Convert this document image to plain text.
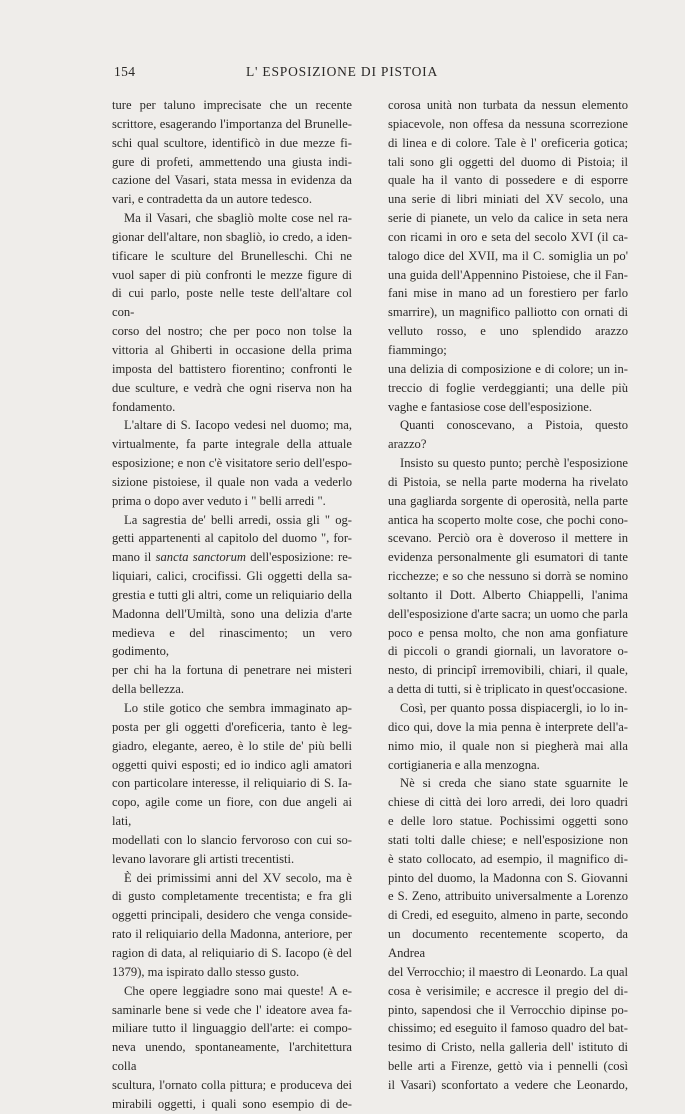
154	L' ESPOSIZIONE DI PISTOIA

ture per taluno imprecisate che un recente

scrittore, esagerando l'importanza del Brunelle-

schi qual scultore, identificò in due mezze fi-

gure di profeti, ammettendo una giusta indi-

cazione del Vasari, stata messa in evidenza da

vari, e contradetta da un autore tedesco.

Ma il Vasari, che sbagliò molte cose nel ra-

gionar dell'altare, non sbagliò, io credo, a iden-

tificare le sculture del Brunelleschi. Chi ne

vuol saper di più confronti le mezze figure di

di cui parlo, poste nelle teste dell'altare col con-

corso del nostro; che per poco non tolse la

vittoria al Ghiberti in occasione della prima

imposta del battistero fiorentino; confronti le

due sculture, e vedrà che ogni riserva non ha

fondamento.

L'altare di S. Iacopo vedesi nel duomo; ma,

virtualmente, fa parte integrale della attuale

esposizione; e non c'è visitatore serio dell'espo-

sizione pistoiese, il quale non vada a vederlo

prima o dopo aver veduto i " belli arredi ".

La sagrestia de' belli arredi, ossia gli " og-

getti appartenenti al capitolo del duomo ", for-

mano il sancta sanctorum dell'esposizione: re-

liquiari, calici, crocifissi. Gli oggetti della sa-

grestia e tutti gli altri, come un reliquiario della

Madonna dell'Umiltà, sono una delizia d'arte

medieva e del rinascimento; un vero godimento,

per chi ha la fortuna di penetrare nei misteri

della bellezza.

Lo stile gotico che sembra immaginato ap-

posta per gli oggetti d'oreficeria, tanto è leg-

giadro, elegante, aereo, è lo stile de' più belli

oggetti quivi esposti; ed io indico agli amatori

con particolare interesse, il reliquiario di S. Ia-

copo, agile come un fiore, con due angeli ai lati,

modellati con lo slancio fervoroso con cui so-

levano lavorare gli artisti trecentisti.

È dei primissimi anni del XV secolo, ma è

di gusto completamente trecentista; e fra gli

oggetti principali, desidero che venga conside-

rato il reliquiario della Madonna, anteriore, per

ragion di data, al reliquiario di S. Iacopo (è del

1379), ma ispirato dallo stesso gusto.

Che opere leggiadre sono mai queste! A e-

saminarle bene si vede che l' ideatore avea fa-

miliare tutto il linguaggio dell'arte: ei compo-

neva unendo, spontaneamente, l'architettura colla

scultura, l'ornato colla pittura; e produceva dei

mirabili oggetti, i quali sono esempio di de-

corosa unità non turbata da nessun elemento

spiacevole, non offesa da nessuna scorrezione

di linea e di colore. Tale è l' oreficeria gotica;

tali sono gli oggetti del duomo di Pistoia; il

quale ha il vanto di possedere e di esporre

una serie di libri miniati del XV secolo, una

serie di pianete, un velo da calice in seta nera

con ricami in oro e seta del secolo XVI (il ca-

talogo dice del XVII, ma il C. somiglia un po'

una guida dell'Appennino Pistoiese, che il Fan-

fani mise in mano ad un forestiero per farlo

smarrire), un magnifico palliotto con ornati di

velluto rosso, e uno splendido arazzo fiammingo;

una delizia di composizione e di colore; un in-

treccio di foglie verdeggianti; una delle più

vaghe e fantasiose cose dell'esposizione.

Quanti conoscevano, a Pistoia, questo arazzo?

Insisto su questo punto; perchè l'esposizione

di Pistoia, se nella parte moderna ha rivelato

una gagliarda sorgente di operosità, nella parte

antica ha scoperto molte cose, che pochi cono-

scevano. Perciò ora è doveroso il mettere in

evidenza personalmente gli esumatori di tante

ricchezze; e so che nessuno si dorrà se nomino

soltanto il Dott. Alberto Chiappelli, l'anima

dell'esposizione d'arte sacra; un uomo che parla

poco e pensa molto, che non ama gonfiature

di piccoli o grandi giornali, un lavoratore o-

nesto, di principî irremovibili, chiari, il quale,

a detta di tutti, si è triplicato in quest'occasione.

Così, per quanto possa dispiacergli, io lo in-

dico qui, dove la mia penna è interprete dell'a-

nimo mio, il quale non si piegherà mai alla

cortigianeria e alla menzogna.

Nè si creda che siano state sguarnite le

chiese di città dei loro arredi, dei loro quadri

e delle loro statue. Pochissimi oggetti sono

stati tolti dalle chiese; e nell'esposizione non

è stato collocato, ad esempio, il magnifico di-

pinto del duomo, la Madonna con S. Giovanni

e S. Zeno, attribuito universalmente a Lorenzo

di Credi, ed eseguito, almeno in parte, secondo

un documento recentemente scoperto, da Andrea

del Verrocchio; il maestro di Leonardo. La qual

cosa è verisimile; e accresce il pregio del di-

pinto, sapendosi che il Verrocchio dipinse po-

chissimo; ed eseguito il famoso quadro del bat-

tesimo di Cristo, nella galleria dell' istituto di

belle arti a Firenze, gettò via i pennelli (così

il Vasari) sconfortato a vedere che Leonardo,
